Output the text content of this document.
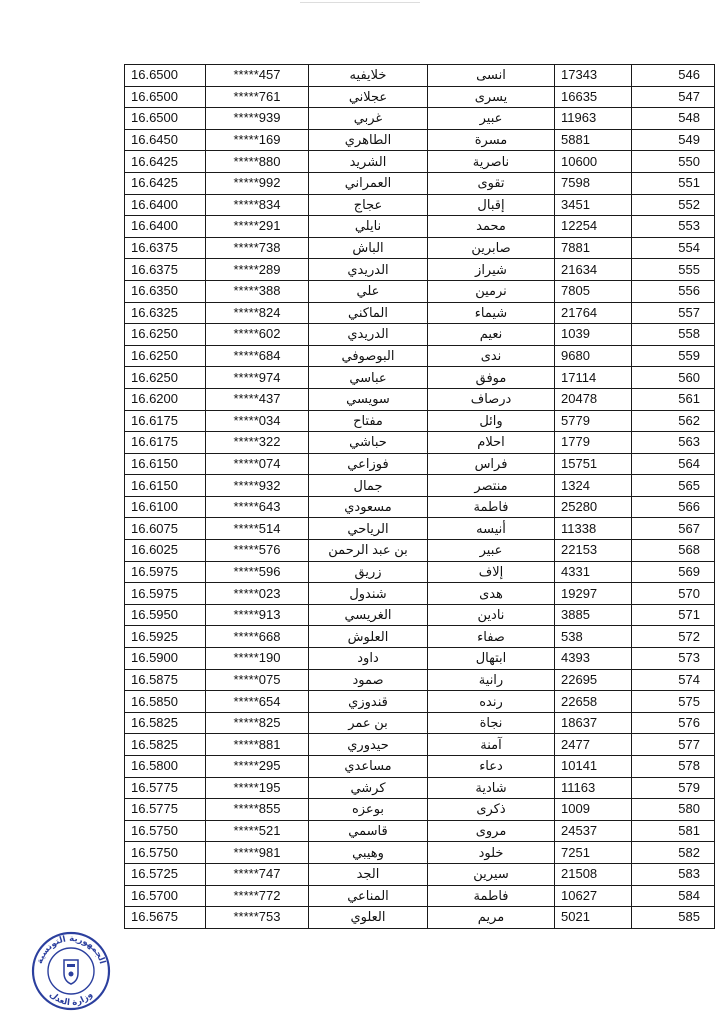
16.6500	*****457	خلايفيه	انسى	17343	546
16.6500	*****761	عجلاني	يسرى	16635	547
16.6500	*****939	غربي	عبير	11963	548
16.6450	*****169	الطاهري	مسرة	5881	549
16.6425	*****880	الشريد	ناصرية	10600	550
16.6425	*****992	العمراني	تقوى	7598	551
16.6400	*****834	عجاج	إقبال	3451	552
16.6400	*****291	نايلي	محمد	12254	553
16.6375	*****738	الباش	صابرين	7881	554
16.6375	*****289	الدريدي	شيراز	21634	555
16.6350	*****388	علي	نرمين	7805	556
16.6325	*****824	الماكني	شيماء	21764	557
16.6250	*****602	الدريدي	نعيم	1039	558
16.6250	*****684	البوصوفي	ندى	9680	559
16.6250	*****974	عباسي	موفق	17114	560
16.6200	*****437	سويسي	درصاف	20478	561
16.6175	*****034	مفتاح	وائل	5779	562
16.6175	*****322	حباشي	احلام	1779	563
16.6150	*****074	فوزاعي	فراس	15751	564
16.6150	*****932	جمال	منتصر	1324	565
16.6100	*****643	مسعودي	فاطمة	25280	566
16.6075	*****514	الرياحي	أنيسه	11338	567
16.6025	*****576	بن عبد الرحمن	عبير	22153	568
16.5975	*****596	زريق	إلاف	4331	569
16.5975	*****023	شندول	هدى	19297	570
16.5950	*****913	الغريسي	نادين	3885	571
16.5925	*****668	العلوش	صفاء	538	572
16.5900	*****190	داود	ابتهال	4393	573
16.5875	*****075	صمود	رانية	22695	574
16.5850	*****654	قندوزي	رنده	22658	575
16.5825	*****825	بن عمر	نجاة	18637	576
16.5825	*****881	حيدوري	آمنة	2477	577
16.5800	*****295	مساعدي	دعاء	10141	578
16.5775	*****195	كرشي	شادية	11163	579
16.5775	*****855	بوعزه	ذكرى	1009	580
16.5750	*****521	قاسمي	مروى	24537	581
16.5750	*****981	وهيبي	خلود	7251	582
16.5725	*****747	الجد	سيرين	21508	583
16.5700	*****772	المناعي	فاطمة	10627	584
16.5675	*****753	العلوي	مريم	5021	585
الجمهورية التونسية
وزارة العدل
